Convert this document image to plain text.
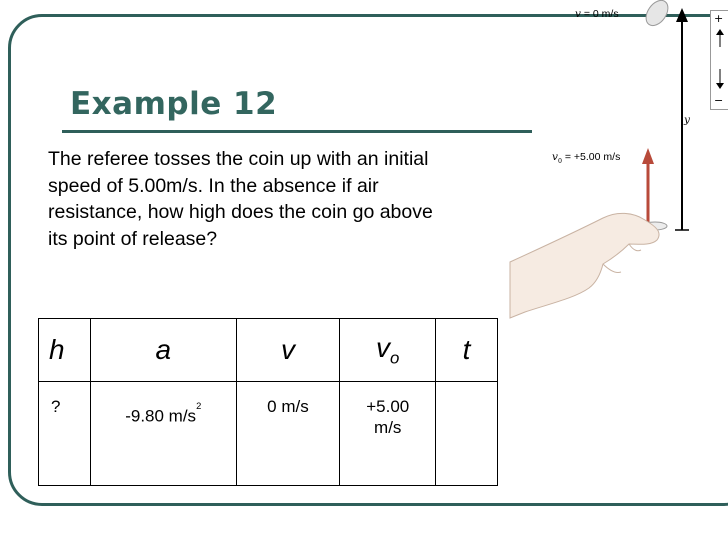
Example 12

The referee tosses the coin up with an initial speed of 5.00m/s. In the absence if air resistance, how high does the coin go above its point of release?

v = 0 m/s
$v_0 = +5.00$ m/s
y
+
−
h	a	v	$v_o$	t
?	-9.80 $m/s^2$	0 m/s	+5.00
m/s	
